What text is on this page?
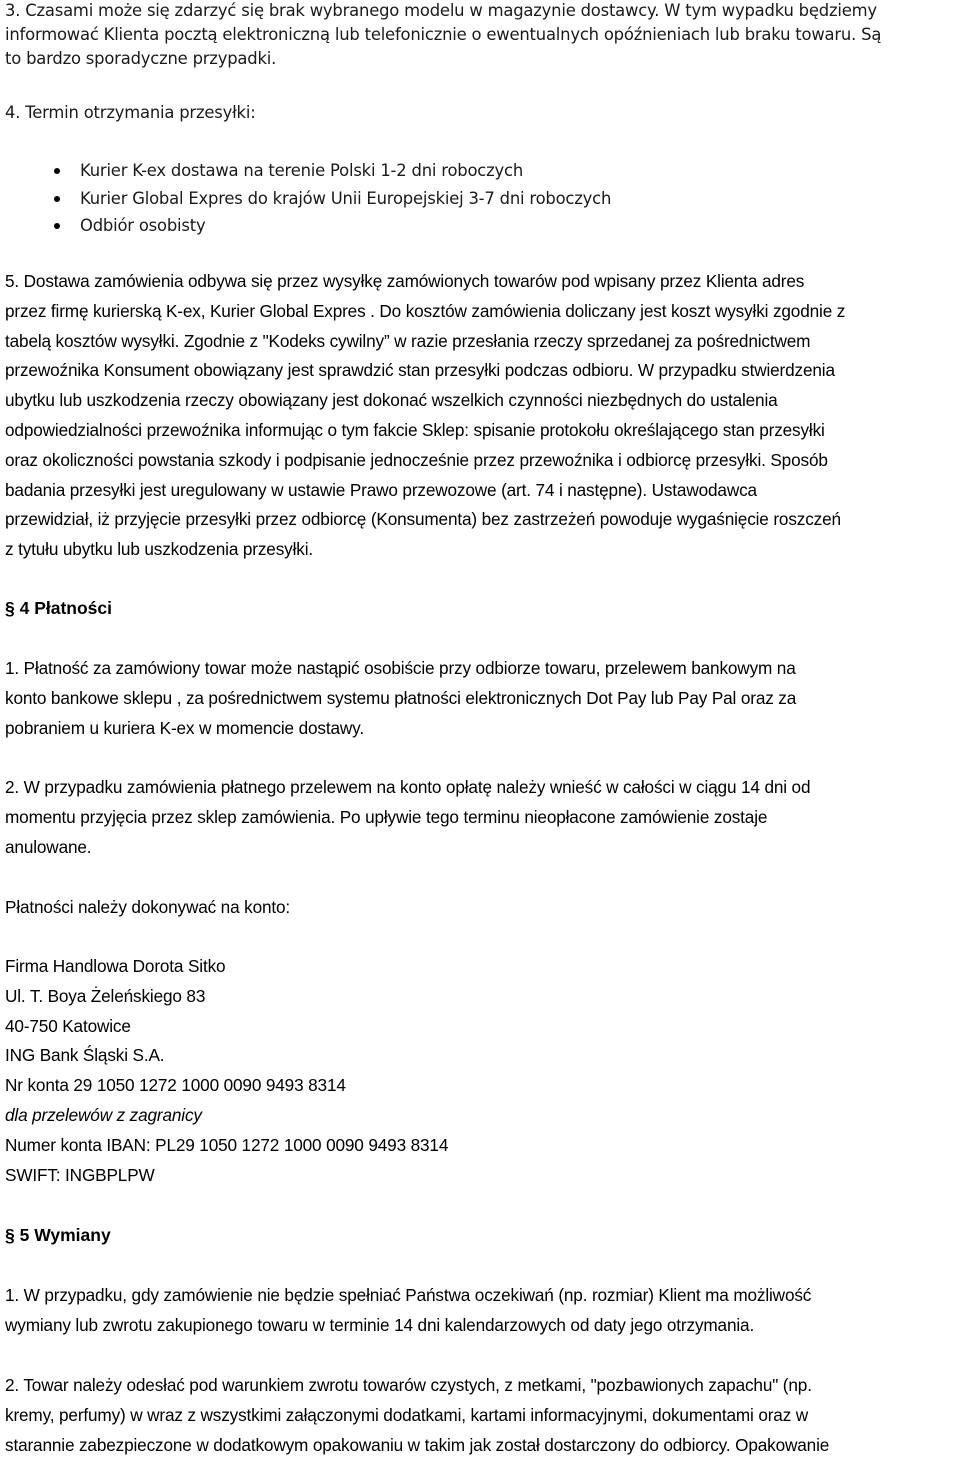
3. Czasami może się zdarzyć się brak wybranego modelu w magazynie dostawcy. W tym wypadku będziemy
informować Klienta pocztą elektroniczną lub telefonicznie o ewentualnych opóźnieniach lub braku towaru. Są
to bardzo sporadyczne przypadki.
4. Termin otrzymania przesyłki:
Kurier K-ex dostawa na terenie Polski 1-2 dni roboczych
Kurier Global Expres do krajów Unii Europejskiej 3-7 dni roboczych
Odbiór osobisty
5. Dostawa zamówienia odbywa się przez wysyłkę zamówionych towarów pod wpisany przez Klienta adres
przez firmę kurierską K-ex, Kurier Global Expres . Do kosztów zamówienia doliczany jest koszt wysyłki zgodnie z
tabelą kosztów wysyłki. Zgodnie z "Kodeks cywilny” w razie przesłania rzeczy sprzedanej za pośrednictwem
przewoźnika Konsument obowiązany jest sprawdzić stan przesyłki podczas odbioru. W przypadku stwierdzenia
ubytku lub uszkodzenia rzeczy obowiązany jest dokonać wszelkich czynności niezbędnych do ustalenia
odpowiedzialności przewoźnika informując o tym fakcie Sklep: spisanie protokołu określającego stan przesyłki
oraz okoliczności powstania szkody i podpisanie jednocześnie przez przewoźnika i odbiorcę przesyłki. Sposób
badania przesyłki jest uregulowany w ustawie Prawo przewozowe (art. 74 i następne). Ustawodawca
przewidział, iż przyjęcie przesyłki przez odbiorcę (Konsumenta) bez zastrzeżeń powoduje wygaśnięcie roszczeń
z tytułu ubytku lub uszkodzenia przesyłki.
§ 4 Płatności
1. Płatność za zamówiony towar może nastąpić osobiście przy odbiorze towaru, przelewem bankowym na
konto bankowe sklepu , za pośrednictwem systemu płatności elektronicznych Dot Pay lub Pay Pal oraz za
pobraniem u kuriera K-ex w momencie dostawy.
2. W przypadku zamówienia płatnego przelewem na konto opłatę należy wnieść w całości w ciągu 14 dni od
momentu przyjęcia przez sklep zamówienia. Po upływie tego terminu nieopłacone zamówienie zostaje
anulowane.
Płatności należy dokonywać na konto:
Firma Handlowa Dorota Sitko
Ul. T. Boya Żeleńskiego 83
40-750 Katowice
ING Bank Śląski S.A.
Nr konta 29 1050 1272 1000 0090 9493 8314
dla przelewów z zagranicy
Numer konta IBAN: PL29 1050 1272 1000 0090 9493 8314
SWIFT: INGBPLPW
§ 5 Wymiany
1. W przypadku, gdy zamówienie nie będzie spełniać Państwa oczekiwań (np. rozmiar) Klient ma możliwość
wymiany lub zwrotu zakupionego towaru w terminie 14 dni kalendarzowych od daty jego otrzymania.
2. Towar należy odesłać pod warunkiem zwrotu towarów czystych, z metkami, "pozbawionych zapachu" (np.
kremy, perfumy) w wraz z wszystkimi załączonymi dodatkami, kartami informacyjnymi, dokumentami oraz w
starannie zabezpieczone w dodatkowym opakowaniu w takim jak został dostarczony do odbiorcy. Opakowanie
